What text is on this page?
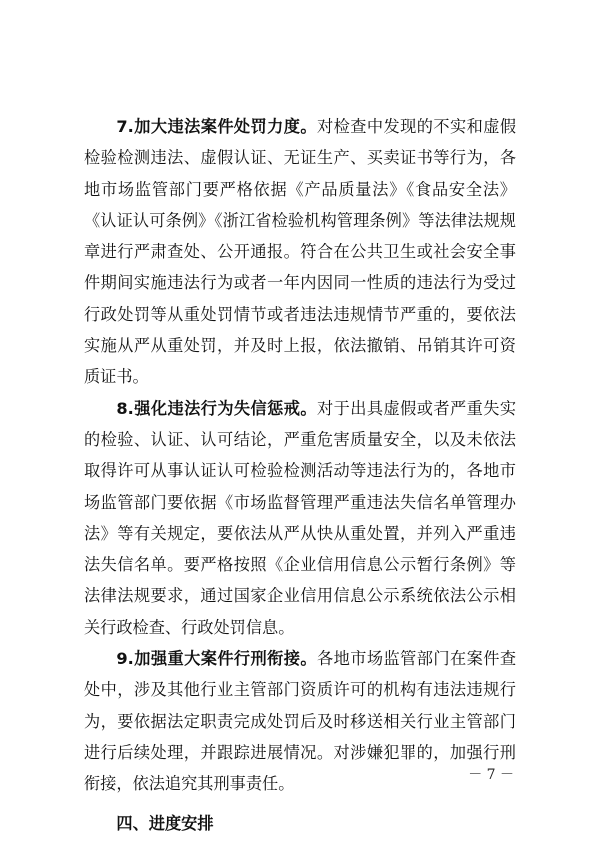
7.加大违法案件处罚力度。对检查中发现的不实和虚假检验检测违法、虚假认证、无证生产、买卖证书等行为，各地市场监管部门要严格依据《产品质量法》《食品安全法》《认证认可条例》《浙江省检验机构管理条例》等法律法规规章进行严肃查处、公开通报。符合在公共卫生或社会安全事件期间实施违法行为或者一年内因同一性质的违法行为受过行政处罚等从重处罚情节或者违法违规情节严重的，要依法实施从严从重处罚，并及时上报，依法撤销、吊销其许可资质证书。

8.强化违法行为失信惩戒。对于出具虚假或者严重失实的检验、认证、认可结论，严重危害质量安全，以及未依法取得许可从事认证认可检验检测活动等违法行为的，各地市场监管部门要依据《市场监督管理严重违法失信名单管理办法》等有关规定，要依法从严从快从重处置，并列入严重违法失信名单。要严格按照《企业信用信息公示暂行条例》等法律法规要求，通过国家企业信用信息公示系统依法公示相关行政检查、行政处罚信息。

9.加强重大案件行刑衔接。各地市场监管部门在案件查处中，涉及其他行业主管部门资质许可的机构有违法违规行为，要依据法定职责完成处罚后及时移送相关行业主管部门进行后续处理，并跟踪进展情况。对涉嫌犯罪的，加强行刑衔接，依法追究其刑事责任。

四、进度安排

－ 7 －
